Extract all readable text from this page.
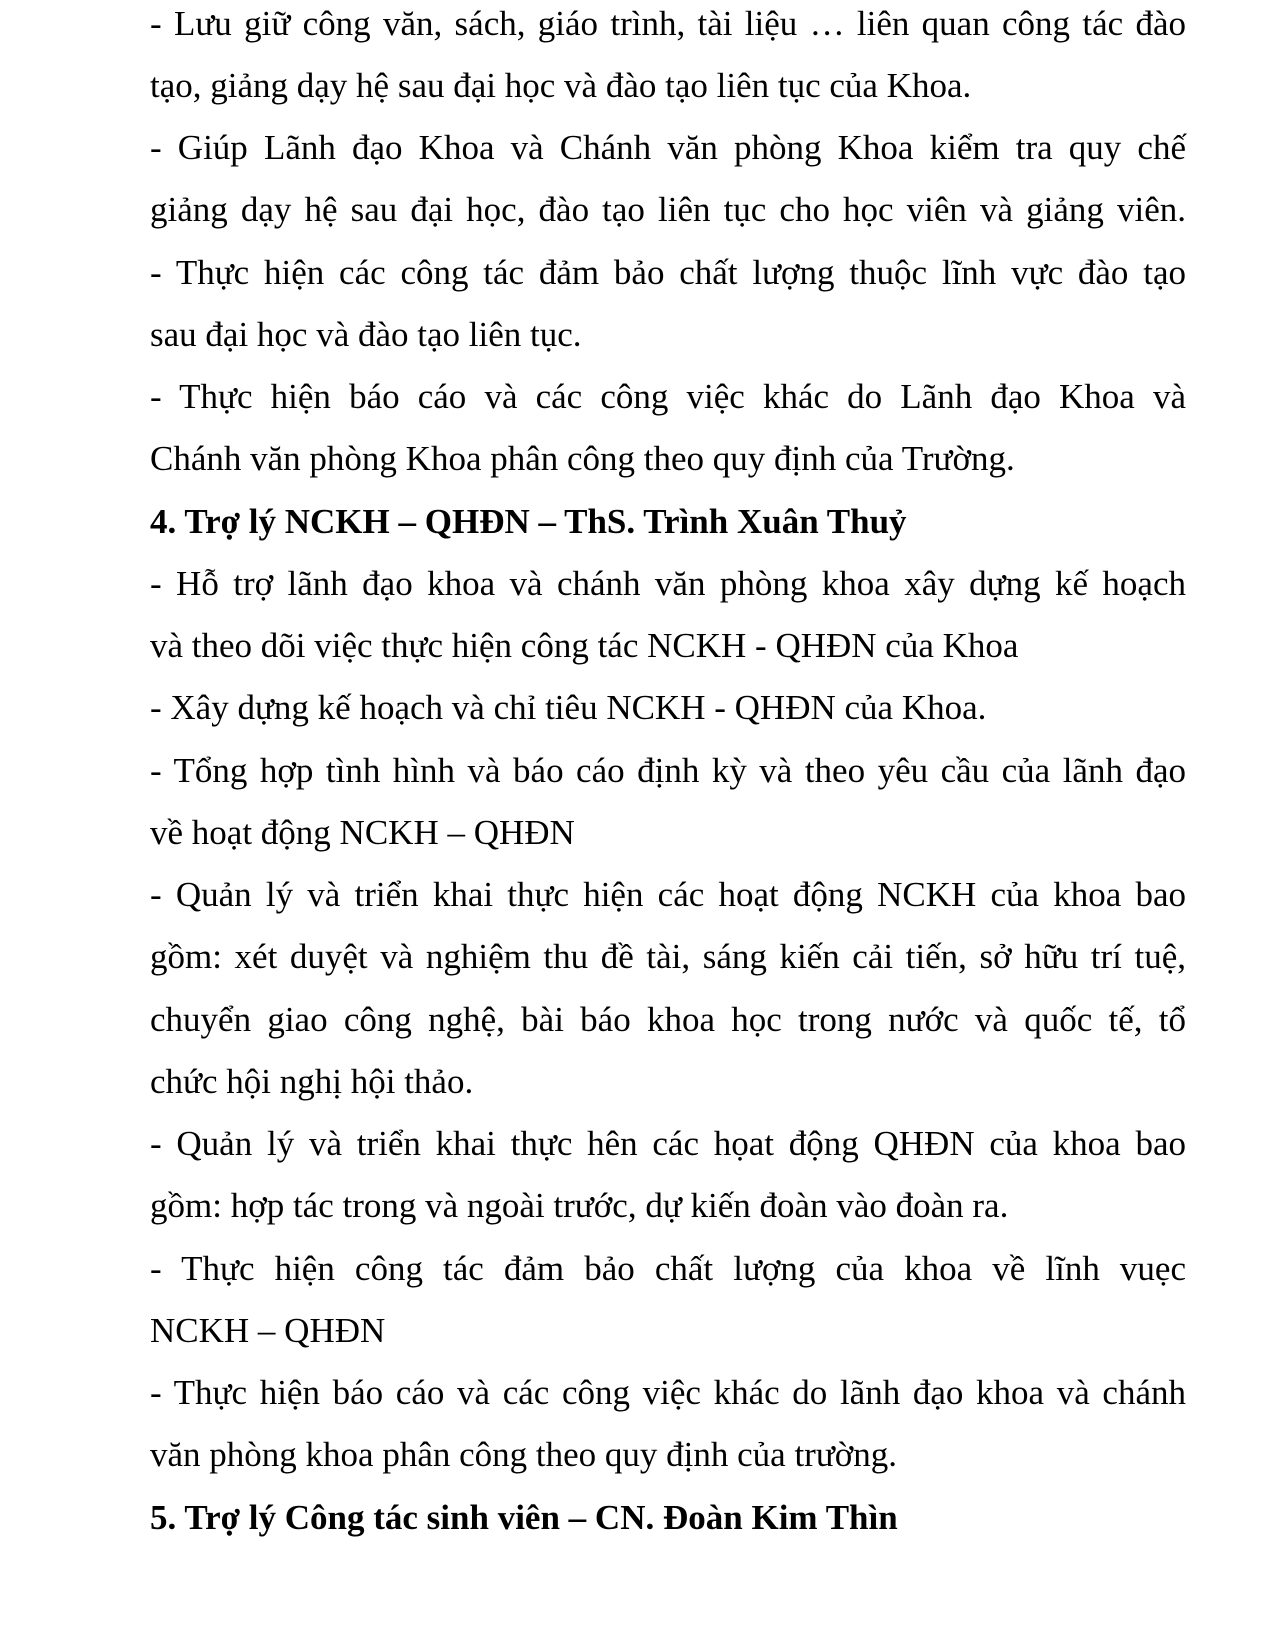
- Lưu giữ công văn, sách, giáo trình, tài liệu … liên quan công tác đào
tạo, giảng dạy hệ sau đại học và đào tạo liên tục của Khoa.
- Giúp Lãnh đạo Khoa và Chánh văn phòng Khoa kiểm tra quy chế
giảng dạy hệ sau đại học, đào tạo liên tục cho học viên và giảng viên.
- Thực hiện các công tác đảm bảo chất lượng thuộc lĩnh vực đào tạo
sau đại học và đào tạo liên tục.
- Thực hiện báo cáo và các công việc khác do Lãnh đạo Khoa và
Chánh văn phòng Khoa phân công theo quy định của Trường.
4. Trợ lý NCKH – QHĐN – ThS. Trình Xuân Thuỷ
- Hỗ trợ lãnh đạo khoa và chánh văn phòng khoa xây dựng kế hoạch
và theo dõi việc thực hiện công tác NCKH - QHĐN của Khoa
- Xây dựng kế hoạch và chỉ tiêu NCKH - QHĐN của Khoa.
- Tổng hợp tình hình và báo cáo định kỳ và theo yêu cầu của lãnh đạo
về hoạt động NCKH – QHĐN
- Quản lý và triển khai thực hiện các hoạt động NCKH của khoa bao
gồm: xét duyệt và nghiệm thu đề tài, sáng kiến cải tiến, sở hữu trí tuệ,
chuyển giao công nghệ, bài báo khoa học trong nước và quốc tế, tổ
chức hội nghị hội thảo.
- Quản lý và triển khai thực hên các họat động QHĐN của khoa bao
gồm: hợp tác trong và ngoài trước, dự kiến đoàn vào đoàn ra.
- Thực hiện công tác đảm bảo chất lượng của khoa về lĩnh vuẹc
NCKH – QHĐN
- Thực hiện báo cáo và các công việc khác do lãnh đạo khoa và chánh
văn phòng khoa phân công theo quy định của trường.
5. Trợ lý Công tác sinh viên – CN. Đoàn Kim Thìn
